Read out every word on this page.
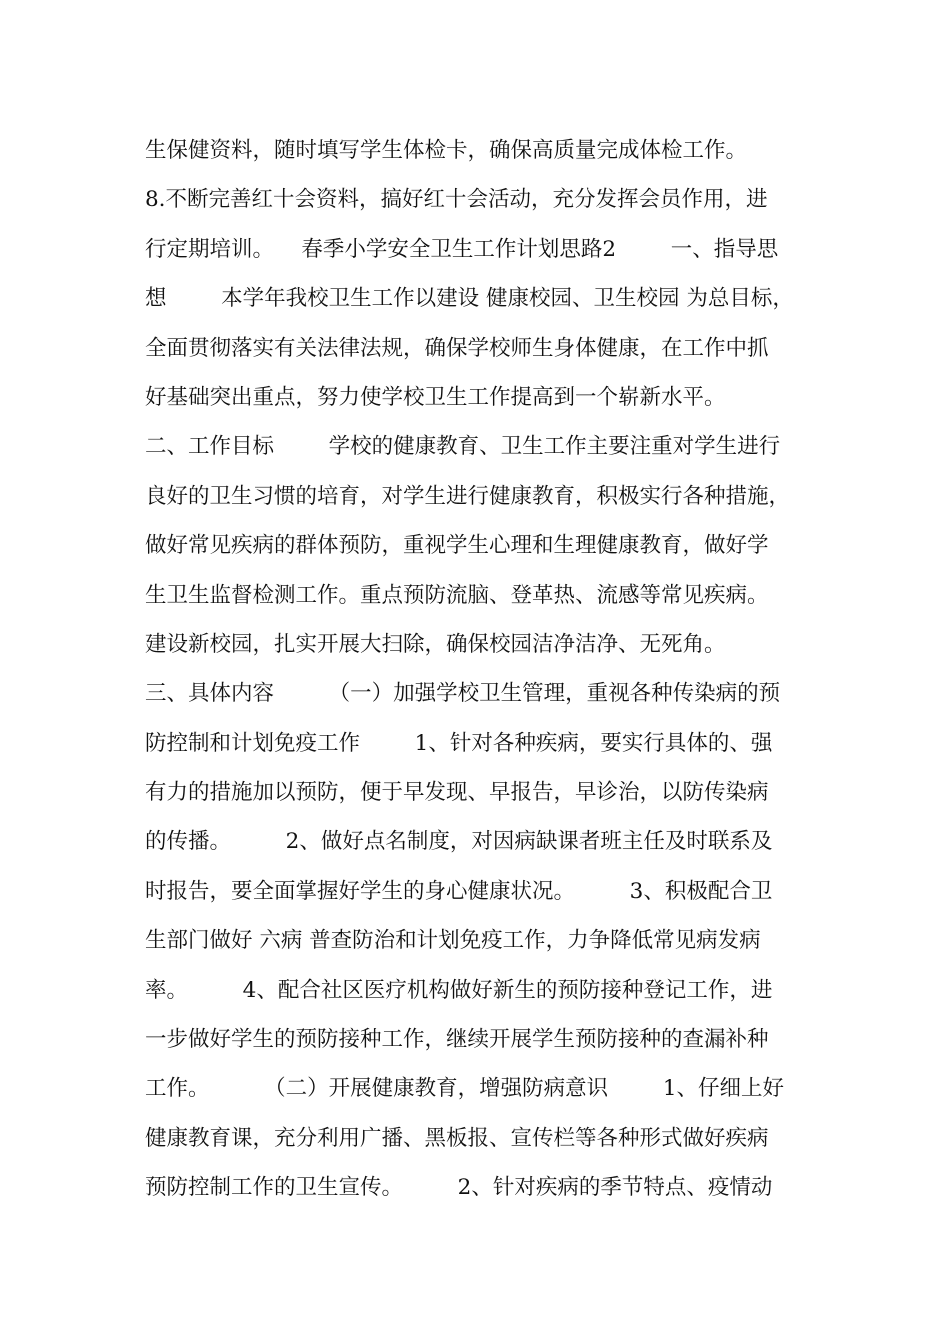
生保健资料，随时填写学生体检卡，确保高质量完成体检工作。
8.不断完善红十会资料，搞好红十会活动，充分发挥会员作用，进
行定期培训。    春季小学安全卫生工作计划思路2        一、指导思
想        本学年我校卫生工作以建设 健康校园、卫生校园 为总目标，
全面贯彻落实有关法律法规，确保学校师生身体健康，在工作中抓
好基础突出重点，努力使学校卫生工作提高到一个崭新水平。
二、工作目标        学校的健康教育、卫生工作主要注重对学生进行
良好的卫生习惯的培育，对学生进行健康教育，积极实行各种措施，
做好常见疾病的群体预防，重视学生心理和生理健康教育，做好学
生卫生监督检测工作。重点预防流脑、登革热、流感等常见疾病。
建设新校园，扎实开展大扫除，确保校园洁净洁净、无死角。
三、具体内容        （一）加强学校卫生管理，重视各种传染病的预
防控制和计划免疫工作        1、针对各种疾病，要实行具体的、强
有力的措施加以预防，便于早发现、早报告，早诊治，以防传染病
的传播。        2、做好点名制度，对因病缺课者班主任及时联系及
时报告，要全面掌握好学生的身心健康状况。        3、积极配合卫
生部门做好 六病 普查防治和计划免疫工作，力争降低常见病发病
率。        4、配合社区医疗机构做好新生的预防接种登记工作，进
一步做好学生的预防接种工作，继续开展学生预防接种的查漏补种
工作。        （二）开展健康教育，增强防病意识        1、仔细上好
健康教育课，充分利用广播、黑板报、宣传栏等各种形式做好疾病
预防控制工作的卫生宣传。        2、针对疾病的季节特点、疫情动
